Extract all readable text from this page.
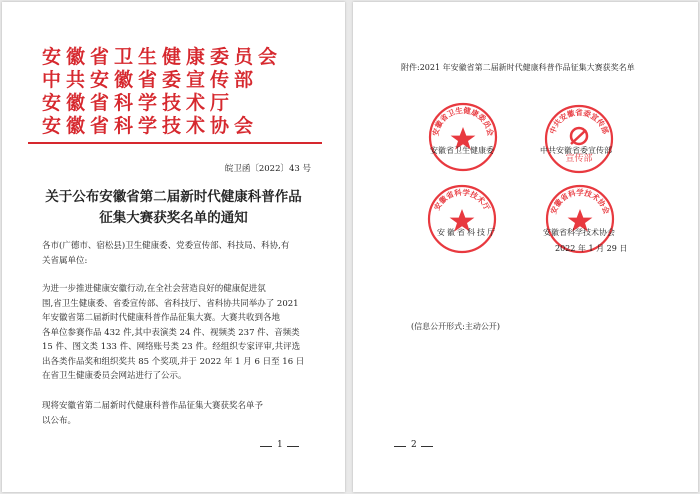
安徽省卫生健康委员会
中共安徽省委宣传部
安徽省科学技术厅
安徽省科学技术协会
皖卫函〔2022〕43 号
关于公布安徽省第二届新时代健康科普作品
征集大赛获奖名单的通知
各市(广德市、宿松县)卫生健康委、党委宣传部、科技局、科协,有
关省属单位:
为进一步推进健康安徽行动,在全社会营造良好的健康促进氛
围,省卫生健康委、省委宣传部、省科技厅、省科协共同举办了 2021
年安徽省第二届新时代健康科普作品征集大赛。大赛共收到各地
各单位参赛作品 432 件,其中表演类 24 件、视频类 237 件、音频类
15 件、图文类 133 件、网络账号类 23 件。经组织专家评审,共评选
出各类作品奖和组织奖共 85 个奖项,并于 2022 年 1 月 6 日至 16 日
在省卫生健康委员会网站进行了公示。
现将安徽省第二届新时代健康科普作品征集大赛获奖名单予
以公布。
1
附件:2021 年安徽省第二届新时代健康科普作品征集大赛获奖名单
安徽省卫生健康委员会
安徽省卫生健康委
中共安徽省委宣传部
宣传部
中共安徽省委宣传部
安徽省科学技术厅
安徽省科技厅
安徽省科学技术协会
安徽省科学技术协会
2022 年 1 月 29 日
(信息公开形式:主动公开)
2
